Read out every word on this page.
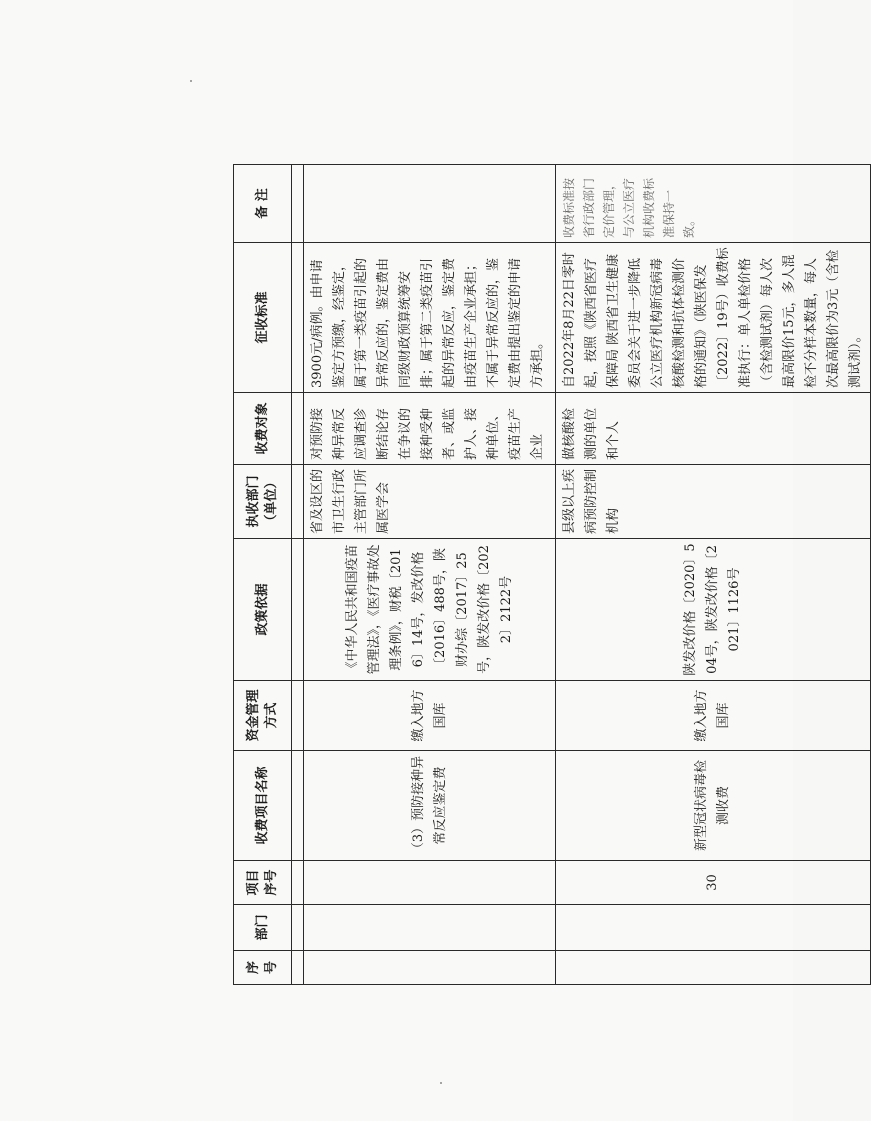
序号	部门	项目序号	收费项目名称	资金管理方式	政策依据	执收部门（单位）	收费对象	征收标准	备 注

			（3）预防接种异常反应鉴定费	缴入地方国库	《中华人民共和国疫苗管理法》，《医疗事故处理条例》，财税〔2016〕14号，发改价格〔2016〕488号，陕财办综〔2017〕25号，陕发改价格〔2022〕2122号	省及设区的市卫生行政主管部门所属医学会	对预防接种异常反应调查诊断结论存在争议的接种受种者、或监护人、接种单位、疫苗生产企业	3900元/病例。由申请鉴定方预缴，经鉴定，属于第一类疫苗引起的异常反应的，鉴定费由同级财政预算统筹安排；属于第二类疫苗引起的异常反应，鉴定费由疫苗生产企业承担；不属于异常反应的，鉴定费由提出鉴定的申请方承担。	
		30	新型冠状病毒检测收费	缴入地方国库	陕发改价格〔2020〕504号，陕发改价格〔2021〕1126号	县级以上疾病预防控制机构	做核酸检测的单位和个人	自2022年8月22日零时起，按照《陕西省医疗保障局 陕西省卫生健康委员会关于进一步降低公立医疗机构新冠病毒核酸检测和抗体检测价格的通知》（陕医保发〔2022〕19号）收费标准执行：单人单检价格（含检测试剂）每人次最高限价15元，多人混检不分样本数量，每人次最高限价为3元（含检测试剂）。	收费标准按省行政部门定价管理，与公立医疗机构收费标准保持一致。
